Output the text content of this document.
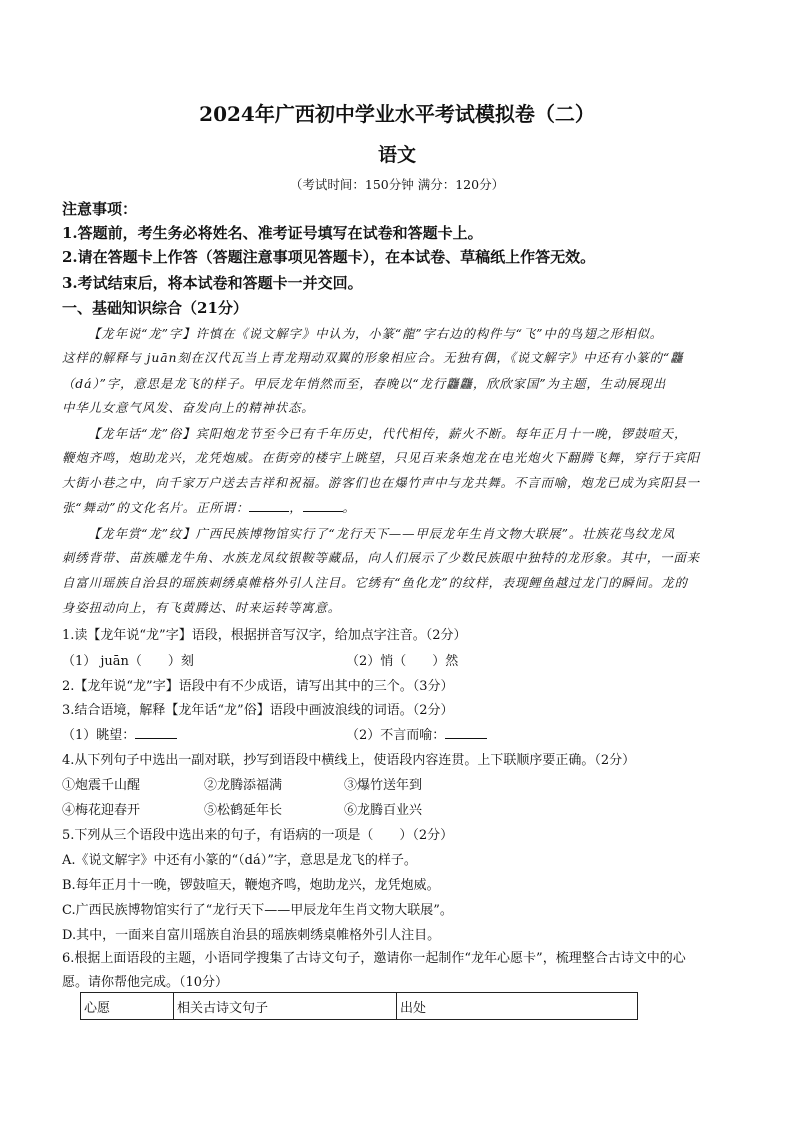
2024年广西初中学业水平考试模拟卷（二）
语文
（考试时间：150分钟 满分：120分）
注意事项：
1.答题前，考生务必将姓名、准考证号填写在试卷和答题卡上。
2.请在答题卡上作答（答题注意事项见答题卡），在本试卷、草稿纸上作答无效。
3.考试结束后，将本试卷和答题卡一并交回。
一、基础知识综合（21分）
【龙年说“龙”字】许慎在《说文解字》中认为，小篆“龍”字右边的构件与“飞”中的鸟翅之形相似。
这样的解释与 juān刻在汉代瓦当上青龙翔动双翼的形象相应合。无独有偶，《说文解字》中还有小篆的“龘
（dá）”字，意思是龙飞的样子。甲辰龙年悄然而至，春晚以“龙行龘龘，欣欣家国”为主题，生动展现出
中华儿女意气风发、奋发向上的精神状态。
【龙年话“龙”俗】宾阳炮龙节至今已有千年历史，代代相传，薪火不断。每年正月十一晚，锣鼓喧天，
鞭炮齐鸣，炮助龙兴，龙凭炮威。在街旁的楼宇上眺望，只见百来条炮龙在电光炮火下翻腾飞舞，穿行于宾阳
大街小巷之中，向千家万户送去吉祥和祝福。游客们也在爆竹声中与龙共舞。不言而喻，炮龙已成为宾阳县一
张“舞动”的文化名片。正所谓：	，	。
【龙年赏“龙”纹】广西民族博物馆实行了“龙行天下——甲辰龙年生肖文物大联展”。壮族花鸟纹龙凤
刺绣背带、苗族雕龙牛角、水族龙凤纹银鞍等藏品，向人们展示了少数民族眼中独特的龙形象。其中，一面来
自富川瑶族自治县的瑶族刺绣桌帷格外引人注目。它绣有“鱼化龙”的纹样，表现鲤鱼越过龙门的瞬间。龙的
身姿扭动向上，有飞黄腾达、时来运转等寓意。
1.读【龙年说“龙”字】语段，根据拼音写汉字，给加点字注音。（2分）
（1） juān（　　）刻	（2）悄（　　）然
2.【龙年说“龙”字】语段中有不少成语，请写出其中的三个。（3分）
3.结合语境，解释【龙年话“龙”俗】语段中画波浪线的词语。（2分）
（1）眺望：	（2）不言而喻：
4.从下列句子中选出一副对联，抄写到语段中横线上，使语段内容连贯。上下联顺序要正确。（2分）
①炮震千山醒	②龙腾添福满	③爆竹送年到
④梅花迎春开	⑤松鹤延年长	⑥龙腾百业兴
5.下列从三个语段中选出来的句子，有语病的一项是（　　）（2分）
A.《说文解字》中还有小篆的“（dá）”字，意思是龙飞的样子。
B.每年正月十一晚，锣鼓喧天，鞭炮齐鸣，炮助龙兴，龙凭炮威。
C.广西民族博物馆实行了“龙行天下——甲辰龙年生肖文物大联展”。
D.其中，一面来自富川瑶族自治县的瑶族刺绣桌帷格外引人注目。
6.根据上面语段的主题，小语同学搜集了古诗文句子，邀请你一起制作“龙年心愿卡”，梳理整合古诗文中的心
愿。请你帮他完成。（10分）
心愿	相关古诗文句子	出处
